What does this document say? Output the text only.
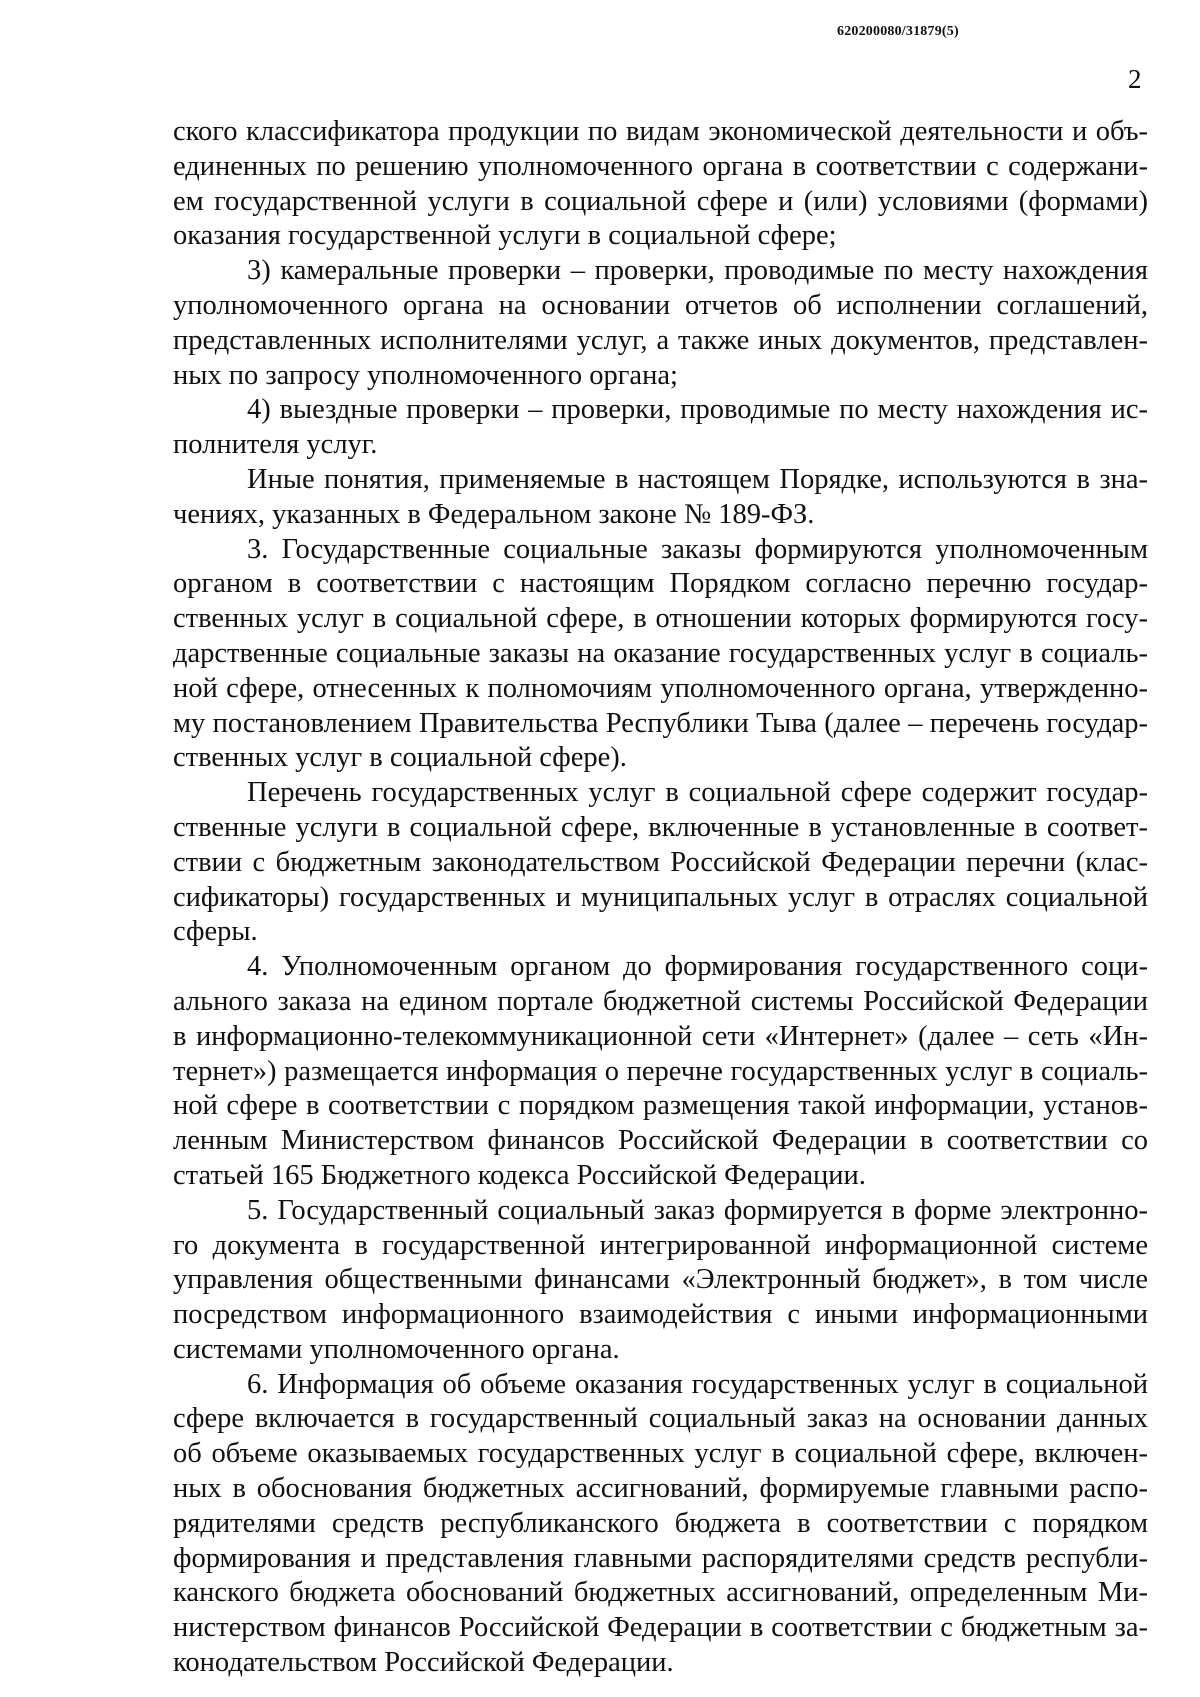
620200080/31879(5)
2

ского классификатора продукции по видам экономической деятельности и объединенных по решению уполномоченного органа в соответствии с содержанием государственной услуги в социальной сфере и (или) условиями (формами) оказания государственной услуги в социальной сфере;

3) камеральные проверки – проверки, проводимые по месту нахождения уполномоченного органа на основании отчетов об исполнении соглашений, представленных исполнителями услуг, а также иных документов, представленных по запросу уполномоченного органа;

4) выездные проверки – проверки, проводимые по месту нахождения исполнителя услуг.

Иные понятия, применяемые в настоящем Порядке, используются в значениях, указанных в Федеральном законе № 189-ФЗ.

3. Государственные социальные заказы формируются уполномоченным органом в соответствии с настоящим Порядком согласно перечню государственных услуг в социальной сфере, в отношении которых формируются государственные социальные заказы на оказание государственных услуг в социальной сфере, отнесенных к полномочиям уполномоченного органа, утвержденному постановлением Правительства Республики Тыва (далее – перечень государственных услуг в социальной сфере).

Перечень государственных услуг в социальной сфере содержит государственные услуги в социальной сфере, включенные в установленные в соответствии с бюджетным законодательством Российской Федерации перечни (классификаторы) государственных и муниципальных услуг в отраслях социальной сферы.

4. Уполномоченным органом до формирования государственного социального заказа на едином портале бюджетной системы Российской Федерации в информационно-телекоммуникационной сети «Интернет» (далее – сеть «Интернет») размещается информация о перечне государственных услуг в социальной сфере в соответствии с порядком размещения такой информации, установленным Министерством финансов Российской Федерации в соответствии со статьей 165 Бюджетного кодекса Российской Федерации.

5. Государственный социальный заказ формируется в форме электронного документа в государственной интегрированной информационной системе управления общественными финансами «Электронный бюджет», в том числе посредством информационного взаимодействия с иными информационными системами уполномоченного органа.

6. Информация об объеме оказания государственных услуг в социальной сфере включается в государственный социальный заказ на основании данных об объеме оказываемых государственных услуг в социальной сфере, включенных в обоснования бюджетных ассигнований, формируемые главными распорядителями средств республиканского бюджета в соответствии с порядком формирования и представления главными распорядителями средств республиканского бюджета обоснований бюджетных ассигнований, определенным Министерством финансов Российской Федерации в соответствии с бюджетным законодательством Российской Федерации.
